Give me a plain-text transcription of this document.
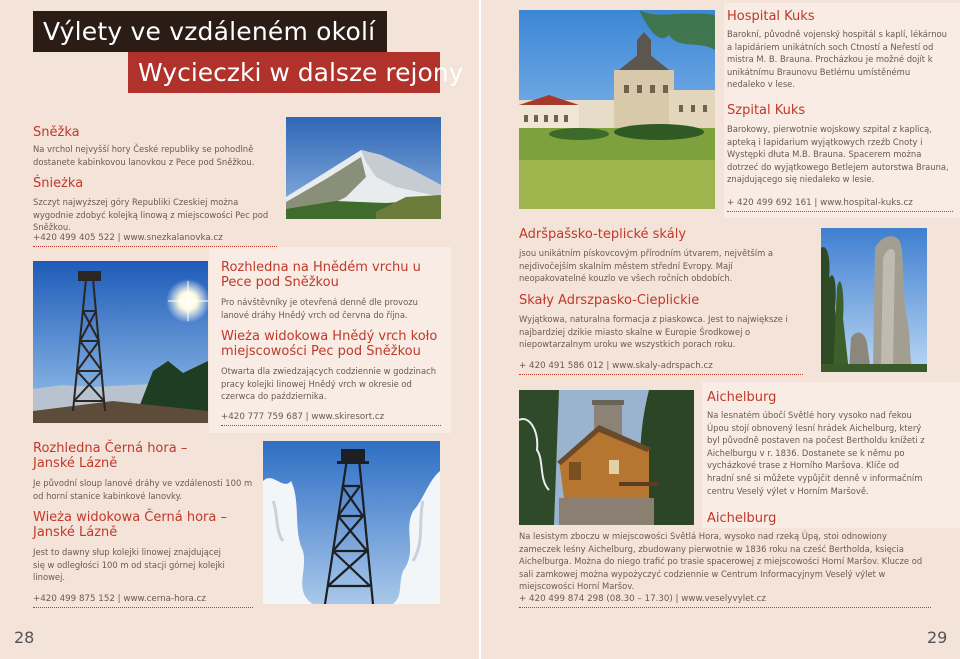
Výlety ve vzdáleném okolí
Wycieczki w dalsze rejony
Sněžka
Na vrchol nejvyšší hory České republiky se pohodlně dostanete kabinkovou lanovkou z Pece pod Sněžkou.
Śnieżka
Szczyt najwyższej góry Republiki Czeskiej można wygodnie zdobyć kolejką linową z miejscowości Pec pod Sněžkou.
+420 499 405 522 | www.snezkalanovka.cz
Rozhledna na Hnědém vrchu u Pece pod Sněžkou
Pro návštěvníky je otevřená denně dle provozu lanové dráhy Hnědý vrch od června do října.
Wieża widokowa Hnědý vrch koło miejscowości Pec pod Sněžkou
Otwarta dla zwiedzających codziennie w godzinach pracy kolejki linowej Hnědý vrch w okresie od czerwca do października.
+420 777 759 687 | www.skiresort.cz
Rozhledna Černá hora – Janské Lázně
Je původní sloup lanové dráhy ve vzdálenosti 100 m od horní stanice kabinkové lanovky.
Wieża widokowa Černá hora – Janské Lázně
Jest to dawny słup kolejki linowej znajdującej się w odległości 100 m od stacji górnej kolejki linowej.
+420 499 875 152 | www.cerna-hora.cz
28
Hospital Kuks
Barokní, původně vojenský hospitál s kaplí, lékárnou a lapidáriem unikátních soch Ctností a Neřestí od mistra M. B. Brauna. Procházkou je možné dojít k unikátnímu Braunovu Betlému umístěnému nedaleko v lese.
Szpital Kuks
Barokowy, pierwotnie wojskowy szpital z kaplicą, apteką i lapidarium wyjątkowych rzeźb Cnoty i Występki dłuta M.B. Brauna. Spacerem można dotrzeć do wyjątkowego Betlejem autorstwa Brauna, znajdującego się niedaleko w lesie.
+ 420 499 692 161 | www.hospital-kuks.cz
Adršpašsko-teplické skály
jsou unikátním pískovcovým přírodním útvarem, největším a nejdivočejším skalním městem střední Evropy. Mají neopakovatelné kouzlo ve všech ročních obdobích.
Skały Adrszpasko-Cieplickie
Wyjątkowa, naturalna formacja z piaskowca. Jest to największe i najbardziej dzikie miasto skalne w Europie Środkowej o niepowtarzalnym uroku we wszystkich porach roku.
+ 420 491 586 012 | www.skaly-adrspach.cz
Aichelburg
Na lesnatém úbočí Světlé hory vysoko nad řekou Úpou stojí obnovený lesní hrádek Aichelburg, který byl původně postaven na počest Bertholdu knížeti z Aichelburgu v r. 1836. Dostanete se k němu po vycházkové trase z Horního Maršova. Klíče od hradní sně si můžete vypůjčit denně v informačním centru Veselý výlet v Horním Maršově.
Aichelburg
Na lesistym zboczu w miejscowości Světlá Hora, wysoko nad rzeką Úpą, stoi odnowiony zameczek leśny Aichelburg, zbudowany pierwotnie w 1836 roku na cześć Bertholda, księcia Aichelburga. Można do niego trafić po trasie spacerowej z miejscowości Horní Maršov. Klucze od sali zamkowej można wypożyczyć codziennie w Centrum Informacyjnym Veselý výlet w miejscowości Horní Maršov.
+ 420 499 874 298 (08.30 – 17.30) | www.veselyvylet.cz
29
